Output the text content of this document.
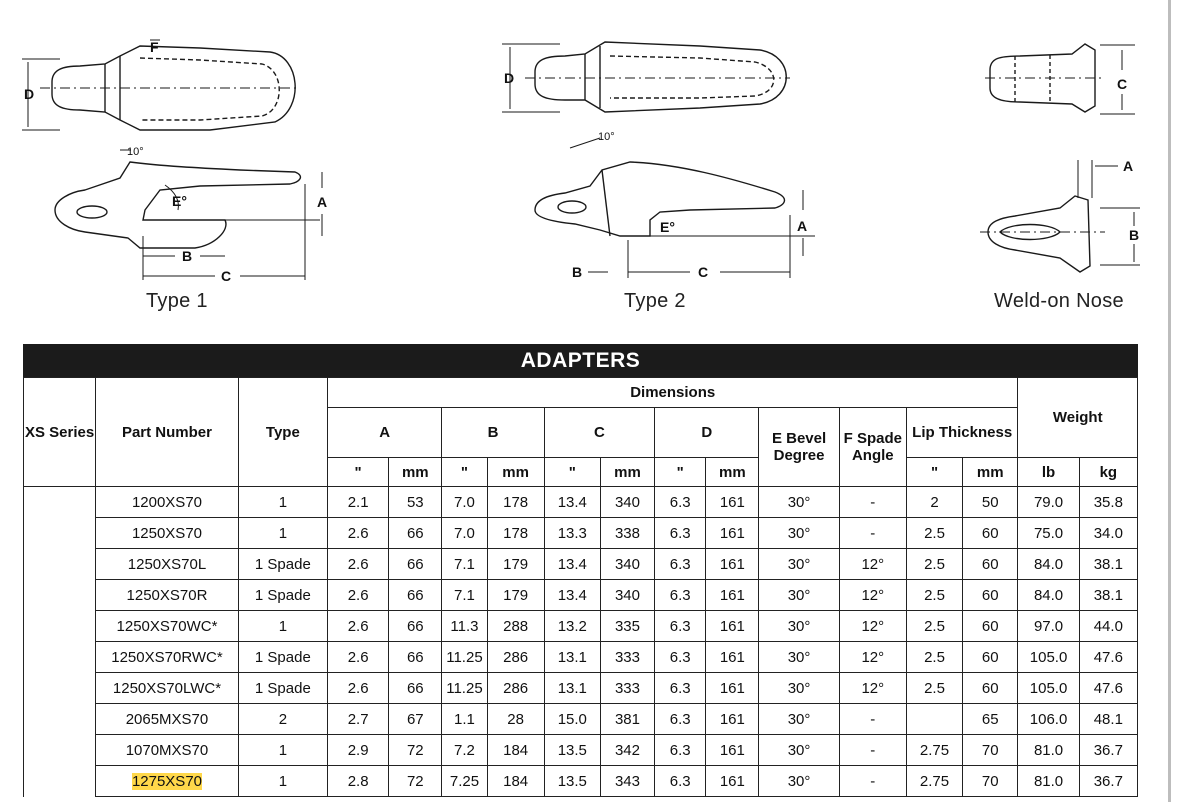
F
D
10°
E°	A
B
C
D
10°
E°	A
B	C
C
A
B
Type 1	Type 2	Weld-on Nose
ADAPTERS
XS Series	Part Number	Type	Dimensions												Weight	
			A		B		C		D		E Bevel Degree	F Spade Angle	Lip Thickness			
			"	mm	"	mm	"	mm	"	mm			"	mm	lb	kg
	1200XS70	1	2.1	53	7.0	178	13.4	340	6.3	161	30°	-	2	50	79.0	35.8
	1250XS70	1	2.6	66	7.0	178	13.3	338	6.3	161	30°	-	2.5	60	75.0	34.0
	1250XS70L	1 Spade	2.6	66	7.1	179	13.4	340	6.3	161	30°	12°	2.5	60	84.0	38.1
	1250XS70R	1 Spade	2.6	66	7.1	179	13.4	340	6.3	161	30°	12°	2.5	60	84.0	38.1
	1250XS70WC*	1	2.6	66	11.3	288	13.2	335	6.3	161	30°	12°	2.5	60	97.0	44.0
	1250XS70RWC*	1 Spade	2.6	66	11.25	286	13.1	333	6.3	161	30°	12°	2.5	60	105.0	47.6
	1250XS70LWC*	1 Spade	2.6	66	11.25	286	13.1	333	6.3	161	30°	12°	2.5	60	105.0	47.6
	2065MXS70	2	2.7	67	1.1	28	15.0	381	6.3	161	30°	-		65	106.0	48.1
	1070MXS70	1	2.9	72	7.2	184	13.5	342	6.3	161	30°	-	2.75	70	81.0	36.7
	1275XS70	1	2.8	72	7.25	184	13.5	343	6.3	161	30°	-	2.75	70	81.0	36.7
